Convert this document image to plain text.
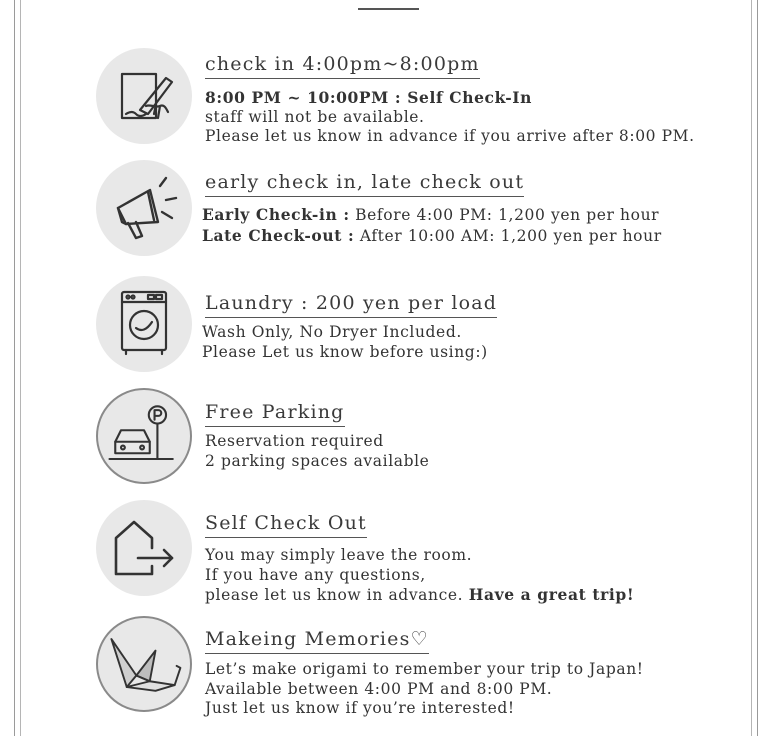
check in 4:00pm~8:00pm
8:00 PM ~ 10:00PM : Self Check-In
staff will not be available.
Please let us know in advance if you arrive after 8:00 PM.
early check in, late check out
Early Check-in : Before 4:00 PM: 1,200 yen per hour
Late Check-out : After 10:00 AM: 1,200 yen per hour
Laundry : 200 yen per load
Wash Only, No Dryer Included.
Please Let us know before using:)
Free Parking
Reservation required
2 parking spaces available
Self Check Out
You may simply leave the room.
If you have any questions,
please let us know in advance. Have a great trip!
Makeing Memories♡
Let’s make origami to remember your trip to Japan!
Available between 4:00 PM and 8:00 PM.
Just let us know if you’re interested!
